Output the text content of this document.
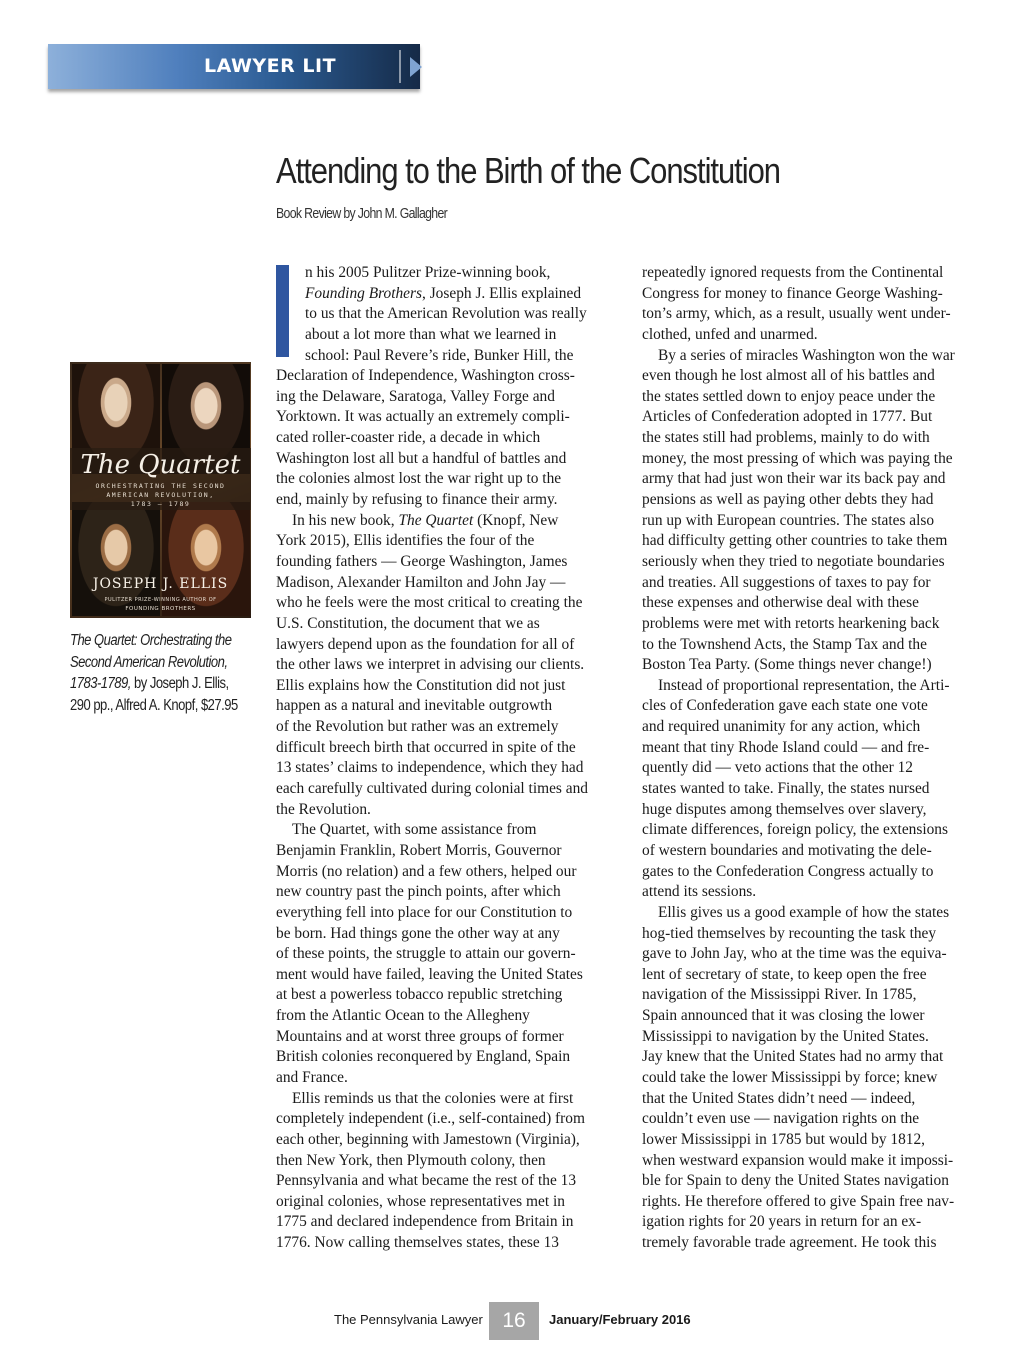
LAWYER LIT
Attending to the Birth of the Constitution

Book Review by John M. Gallagher

The Quartet
ORCHESTRATING THE SECOND
AMERICAN REVOLUTION,
1783 – 1789
JOSEPH J. ELLIS
PULITZER PRIZE-WINNING AUTHOR OF
FOUNDING BROTHERS

The Quartet: Orchestrating the
Second American Revolution,
1783-1789, by Joseph J. Ellis,
290 pp., Alfred A. Knopf, $27.95

n his 2005 Pulitzer Prize-winning book,
Founding Brothers, Joseph J. Ellis explained
to us that the American Revolution was really
about a lot more than what we learned in
school: Paul Revere’s ride, Bunker Hill, the
Declaration of Independence, Washington cross-
ing the Delaware, Saratoga, Valley Forge and
Yorktown. It was actually an extremely compli-
cated roller-coaster ride, a decade in which
Washington lost all but a handful of battles and
the colonies almost lost the war right up to the
end, mainly by refusing to finance their army.
In his new book, The Quartet (Knopf, New
York 2015), Ellis identifies the four of the
founding fathers — George Washington, James
Madison, Alexander Hamilton and John Jay —
who he feels were the most critical to creating the
U.S. Constitution, the document that we as
lawyers depend upon as the foundation for all of
the other laws we interpret in advising our clients.
Ellis explains how the Constitution did not just
happen as a natural and inevitable outgrowth
of the Revolution but rather was an extremely
difficult breech birth that occurred in spite of the
13 states’ claims to independence, which they had
each carefully cultivated during colonial times and
the Revolution.
The Quartet, with some assistance from
Benjamin Franklin, Robert Morris, Gouvernor
Morris (no relation) and a few others, helped our
new country past the pinch points, after which
everything fell into place for our Constitution to
be born. Had things gone the other way at any
of these points, the struggle to attain our govern-
ment would have failed, leaving the United States
at best a powerless tobacco republic stretching
from the Atlantic Ocean to the Allegheny
Mountains and at worst three groups of former
British colonies reconquered by England, Spain
and France.
Ellis reminds us that the colonies were at first
completely independent (i.e., self-contained) from
each other, beginning with Jamestown (Virginia),
then New York, then Plymouth colony, then
Pennsylvania and what became the rest of the 13
original colonies, whose representatives met in
1775 and declared independence from Britain in
1776. Now calling themselves states, these 13
repeatedly ignored requests from the Continental
Congress for money to finance George Washing-
ton’s army, which, as a result, usually went under-
clothed, unfed and unarmed.
By a series of miracles Washington won the war
even though he lost almost all of his battles and
the states settled down to enjoy peace under the
Articles of Confederation adopted in 1777. But
the states still had problems, mainly to do with
money, the most pressing of which was paying the
army that had just won their war its back pay and
pensions as well as paying other debts they had
run up with European countries. The states also
had difficulty getting other countries to take them
seriously when they tried to negotiate boundaries
and treaties. All suggestions of taxes to pay for
these expenses and otherwise deal with these
problems were met with retorts hearkening back
to the Townshend Acts, the Stamp Tax and the
Boston Tea Party. (Some things never change!)
Instead of proportional representation, the Arti-
cles of Confederation gave each state one vote
and required unanimity for any action, which
meant that tiny Rhode Island could — and fre-
quently did — veto actions that the other 12
states wanted to take. Finally, the states nursed
huge disputes among themselves over slavery,
climate differences, foreign policy, the extensions
of western boundaries and motivating the dele-
gates to the Confederation Congress actually to
attend its sessions.
Ellis gives us a good example of how the states
hog-tied themselves by recounting the task they
gave to John Jay, who at the time was the equiva-
lent of secretary of state, to keep open the free
navigation of the Mississippi River. In 1785,
Spain announced that it was closing the lower
Mississippi to navigation by the United States.
Jay knew that the United States had no army that
could take the lower Mississippi by force; knew
that the United States didn’t need — indeed,
couldn’t even use — navigation rights on the
lower Mississippi in 1785 but would by 1812,
when westward expansion would make it impossi-
ble for Spain to deny the United States navigation
rights. He therefore offered to give Spain free nav-
igation rights for 20 years in return for an ex-
tremely favorable trade agreement. He took this
The Pennsylvania Lawyer 16	January/February 2016
